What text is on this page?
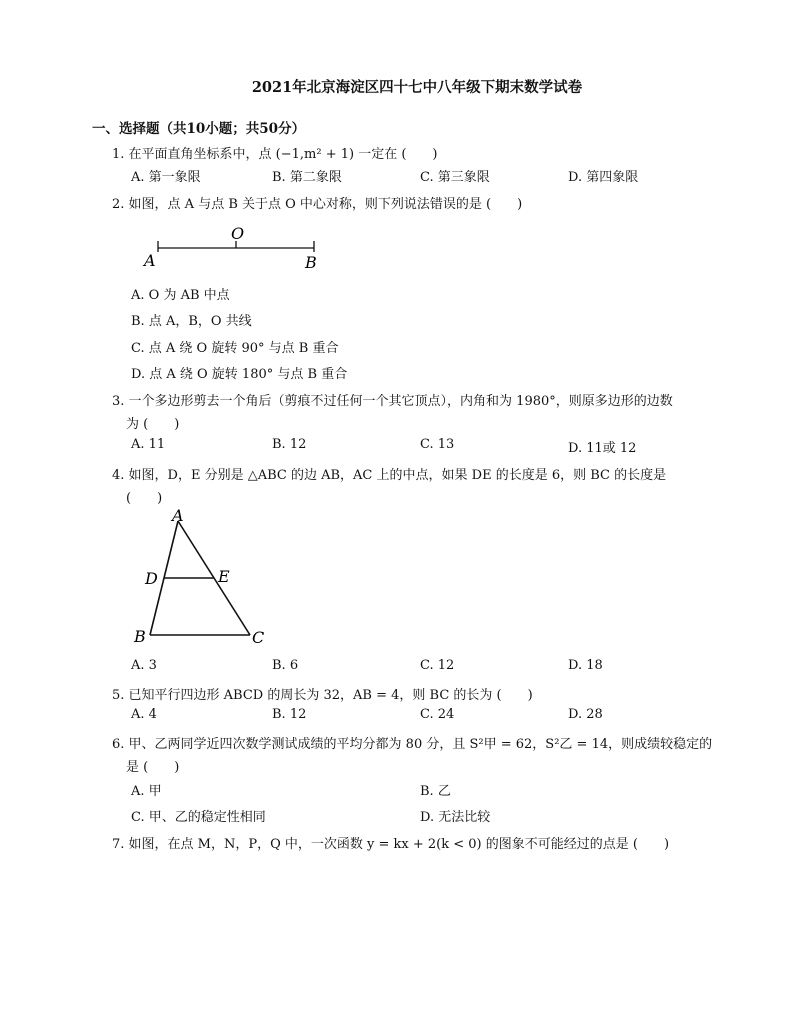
2021年北京海淀区四十七中八年级下期末数学试卷
一、选择题（共10小题；共50分）
1. 在平面直角坐标系中，点 (−1,m² + 1) 一定在 (　　)
A. 第一象限	B. 第二象限	C. 第三象限	D. 第四象限
2. 如图，点 A 与点 B 关于点 O 中心对称，则下列说法错误的是 (　　)
A
O
B
A. O 为 AB 中点
B. 点 A，B，O 共线
C. 点 A 绕 O 旋转 90° 与点 B 重合
D. 点 A 绕 O 旋转 180° 与点 B 重合
3. 一个多边形剪去一个角后（剪痕不过任何一个其它顶点），内角和为 1980°，则原多边形的边数
为 (　　)
A. 11	B. 12	C. 13	D. 11或 12
4. 如图，D，E 分别是 △ABC 的边 AB，AC 上的中点，如果 DE 的长度是 6，则 BC 的长度是
(　　)
A
D	E
B	C
A. 3	B. 6	C. 12	D. 18
5. 已知平行四边形 ABCD 的周长为 32，AB = 4，则 BC 的长为 (　　)
A. 4	B. 12	C. 24	D. 28
6. 甲、乙两同学近四次数学测试成绩的平均分都为 80 分，且 S²甲 = 62，S²乙 = 14，则成绩较稳定的
是 (　　)
A. 甲	B. 乙
C. 甲、乙的稳定性相同	D. 无法比较
7. 如图，在点 M，N，P，Q 中，一次函数 y = kx + 2(k < 0) 的图象不可能经过的点是 (　　)
